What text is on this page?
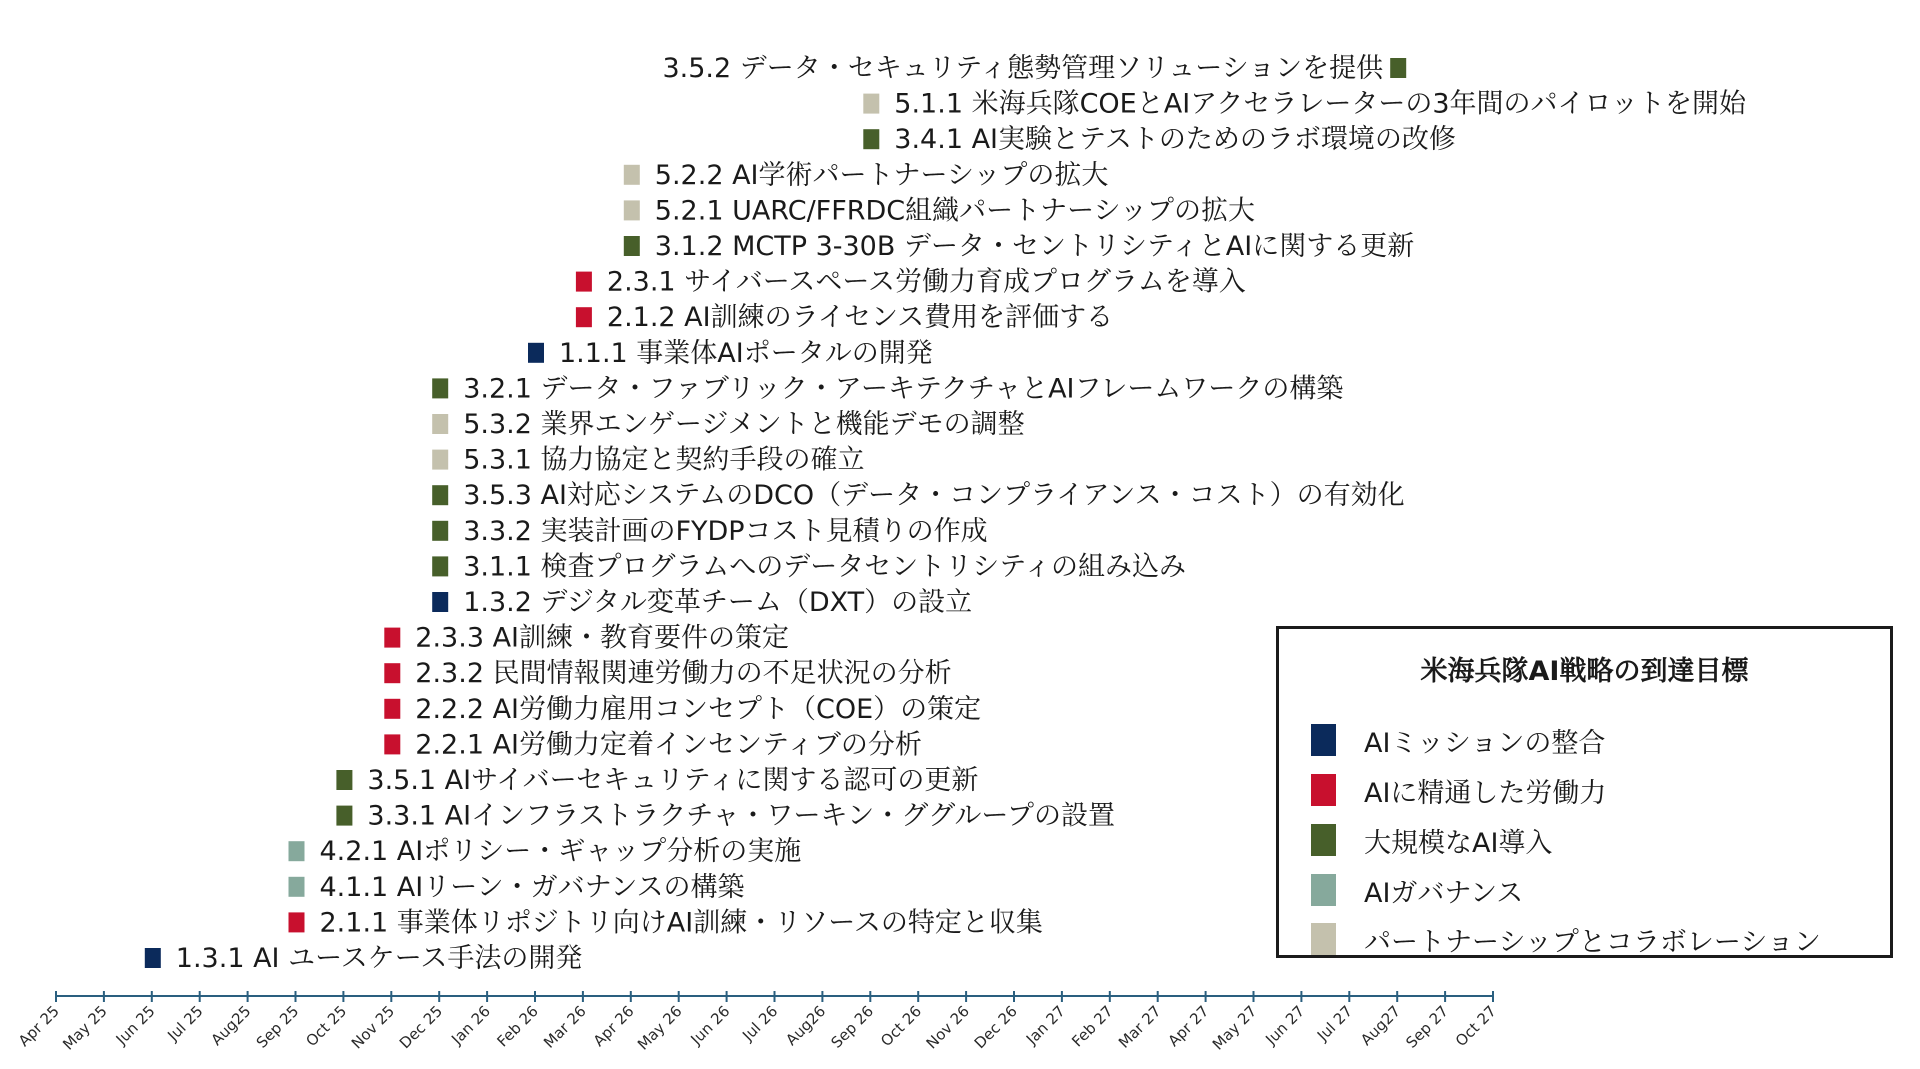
1.3.1 AI ユースケース手法の開発
2.1.1 事業体リポジトリ向けAI訓練・リソースの特定と収集
4.1.1 AIリーン・ガバナンスの構築
4.2.1 AIポリシー・ギャップ分析の実施
3.3.1 AIインフラストラクチャ・ワーキン・ググループの設置
3.5.1 AIサイバーセキュリティに関する認可の更新
2.2.1 AI労働力定着インセンティブの分析
2.2.2 AI労働力雇用コンセプト（COE）の策定
2.3.2 民間情報関連労働力の不足状況の分析
2.3.3 AI訓練・教育要件の策定
1.3.2 デジタル変革チーム（DXT）の設立
3.1.1 検査プログラムへのデータセントリシティの組み込み
3.3.2 実装計画のFYDPコスト見積りの作成
3.5.3 AI対応システムのDCO（データ・コンプライアンス・コスト）の有効化
5.3.1 協力協定と契約手段の確立
5.3.2 業界エンゲージメントと機能デモの調整
3.2.1 データ・ファブリック・アーキテクチャとAIフレームワークの構築
1.1.1 事業体AIポータルの開発
2.1.2 AI訓練のライセンス費用を評価する
2.3.1 サイバースペース労働力育成プログラムを導入
3.1.2 MCTP 3-30B データ・セントリシティとAIに関する更新
5.2.1 UARC/FFRDC組織パートナーシップの拡大
5.2.2 AI学術パートナーシップの拡大
3.4.1 AI実験とテストのためのラボ環境の改修
5.1.1 米海兵隊COEとAIアクセラレーターの3年間のパイロットを開始
3.5.2 データ・セキュリティ態勢管理ソリューションを提供
Apr 25
May 25 Jun 25 Jul 25 Aug25
Sep 25 Oct 25
Nov 25
Dec 25 Jan 26 Feb 26
Mar 26 Apr 26
May 26 Jun 26 Jul 26 Aug26
Sep 26 Oct 26
Nov 26
Dec 26 Jan 27 Feb 27
Mar 27 Apr 27
May 27 Jun 27 Jul 27 Aug27
Sep 27 Oct 27
米海兵隊AI戦略の到達目標
AIミッションの整合
AIに精通した労働力
大規模なAI導入
AIガバナンス
パートナーシップとコラボレーション
